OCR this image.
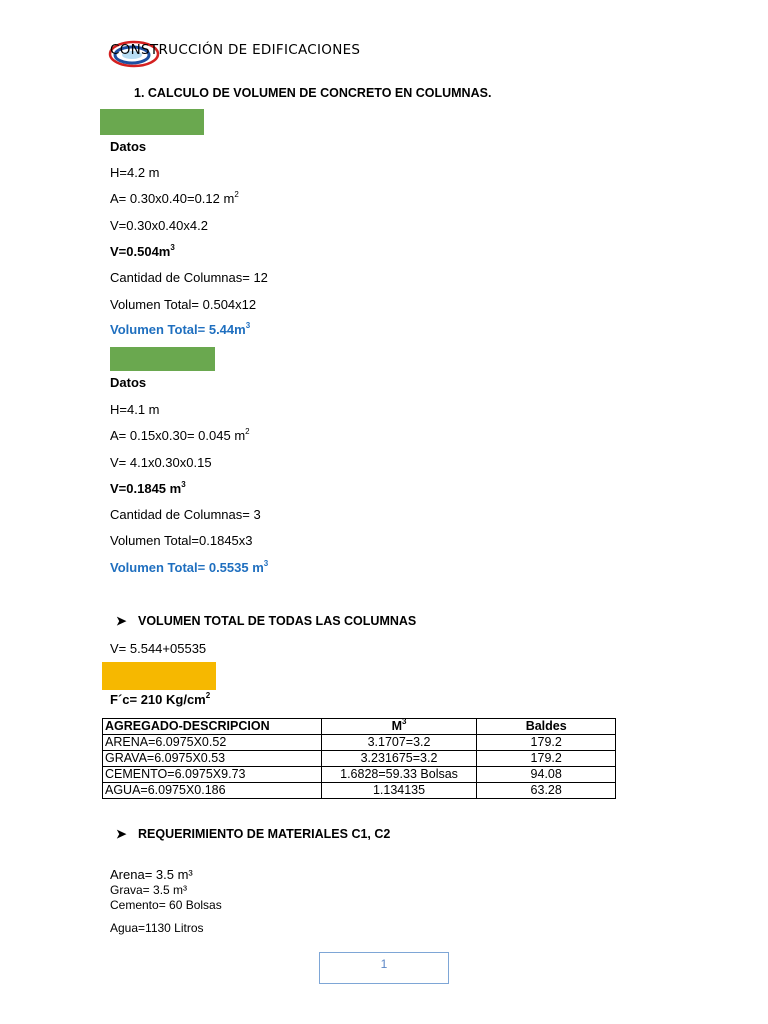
CONSTRUCCIÓN DE EDIFICACIONES
1. CALCULO DE VOLUMEN DE CONCRETO EN COLUMNAS.
Datos
H=4.2 m
A= 0.30x0.40=0.12 $m^2$
V=0.30x0.40x4.2
$V=0.504m^3$
Cantidad de Columnas= 12
Volumen Total= 0.504x12
Volumen Total= $5.44m^3$
Datos
H=4.1 m
A= 0.15x0.30= 0.045 $m^2$
V= 4.1x0.30x0.15
V=0.1845 $m^3$
Cantidad de Columnas= 3
Volumen Total=0.1845x3
Volumen Total= 0.5535 $m^3$
➤ VOLUMEN TOTAL DE TODAS LAS COLUMNAS
V= 5.544+05535
F´c= 210 $Kg/cm^2$
AGREGADO-DESCRIPCION	$M^3$	Baldes
ARENA=6.0975X0.52	3.1707=3.2	179.2
GRAVA=6.0975X0.53	3.231675=3.2	179.2
CEMENTO=6.0975X9.73	1.6828=59.33 Bolsas	94.08
AGUA=6.0975X0.186	1.134135	63.28
➤ REQUERIMIENTO DE MATERIALES C1, C2
Arena= 3.5 m³
Grava= 3.5 m³
Cemento= 60 Bolsas
Agua=1130 Litros
1
